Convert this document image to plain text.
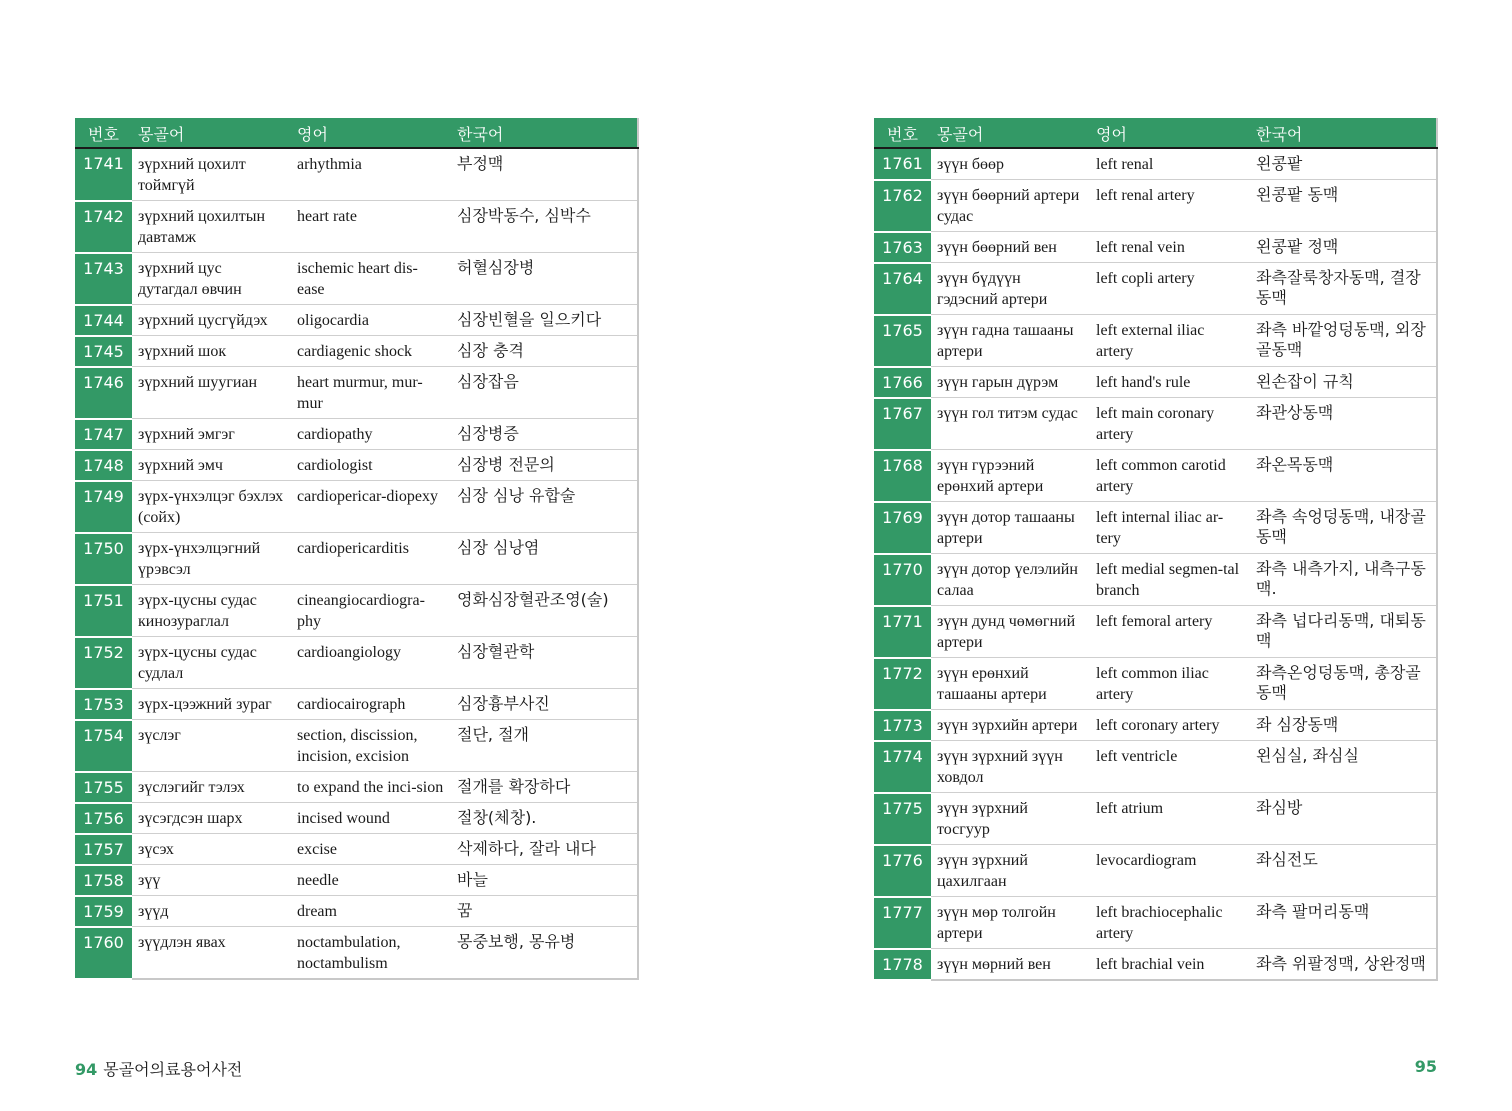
번호	몽골어	영어	한국어
1741	зүрхний цохилт тоймгүй	arhythmia	부정맥
1742	зүрхний цохилтын давтамж	heart rate	심장박동수, 심박수
1743	зүрхний цус дутагдал өвчин	ischemic heart dis-ease	허혈심장병
1744	зүрхний цусгүйдэх	oligocardia	심장빈혈을 일으키다
1745	зүрхний шок	cardiagenic shock	심장 충격
1746	зүрхний шуугиан	heart murmur, mur-mur	심장잡음
1747	зүрхний эмгэг	cardiopathy	심장병증
1748	зүрхний эмч	cardiologist	심장병 전문의
1749	зүрх-үнхэлцэг бэхлэх (сойх)	cardiopericar-diopexy	심장 심낭 유합술
1750	зүрх-үнхэлцэгний үрэвсэл	cardiopericarditis	심장 심낭염
1751	зүрх-цусны судас кинозураглал	cineangiocardiogra-phy	영화심장혈관조영(술)
1752	зүрх-цусны судас судлал	cardioangiology	심장혈관학
1753	зүрх-цээжний зураг	cardiocairograph	심장흉부사진
1754	зүслэг	section, discission, incision, excision	절단, 절개
1755	зүслэгийг тэлэх	to expand the inci-sion	절개를 확장하다
1756	зүсэгдсэн шарх	incised wound	절창(체창).
1757	зүсэх	excise	삭제하다, 잘라 내다
1758	зүү	needle	바늘
1759	зүүд	dream	꿈
1760	зүүдлэн явах	noctambulation, noctambulism	몽중보행, 몽유병
번호	몽골어	영어	한국어
1761	зүүн бөөр	left renal	왼콩팥
1762	зүүн бөөрний артери судас	left renal artery	왼콩팥 동맥
1763	зүүн бөөрний вен	left renal vein	왼콩팥 정맥
1764	зүүн бүдүүн гэдэсний артери	left copli artery	좌측잘룩창자동맥, 결장동맥
1765	зүүн гадна ташааны артери	left external iliac artery	좌측 바깥엉덩동맥, 외장골동맥
1766	зүүн гарын дүрэм	left hand's rule	왼손잡이 규칙
1767	зүүн гол титэм судас	left main coronary artery	좌관상동맥
1768	зүүн гүрээний ерөнхий артери	left common carotid artery	좌온목동맥
1769	зүүн дотор ташааны артери	left internal iliac ar-tery	좌측 속엉덩동맥, 내장골동맥
1770	зүүн дотор үелэлийн салаа	left medial segmen-tal branch	좌측 내측가지, 내측구동맥.
1771	зүүн дунд чөмөгний артери	left femoral artery	좌측 넙다리동맥, 대퇴동맥
1772	зүүн ерөнхий ташааны артери	left common iliac artery	좌측온엉덩동맥, 총장골동맥
1773	зүүн зүрхийн артери	left coronary artery	좌 심장동맥
1774	зүүн зүрхний зүүн ховдол	left ventricle	왼심실, 좌심실
1775	зүүн зүрхний тосгуур	left atrium	좌심방
1776	зүүн зүрхний цахилгаан	levocardiogram	좌심전도
1777	зүүн мөр толгойн артери	left brachiocephalic artery	좌측 팔머리동맥
1778	зүүн мөрний вен	left brachial vein	좌측 위팔정맥, 상완정맥
94 몽골어의료용어사전	95
